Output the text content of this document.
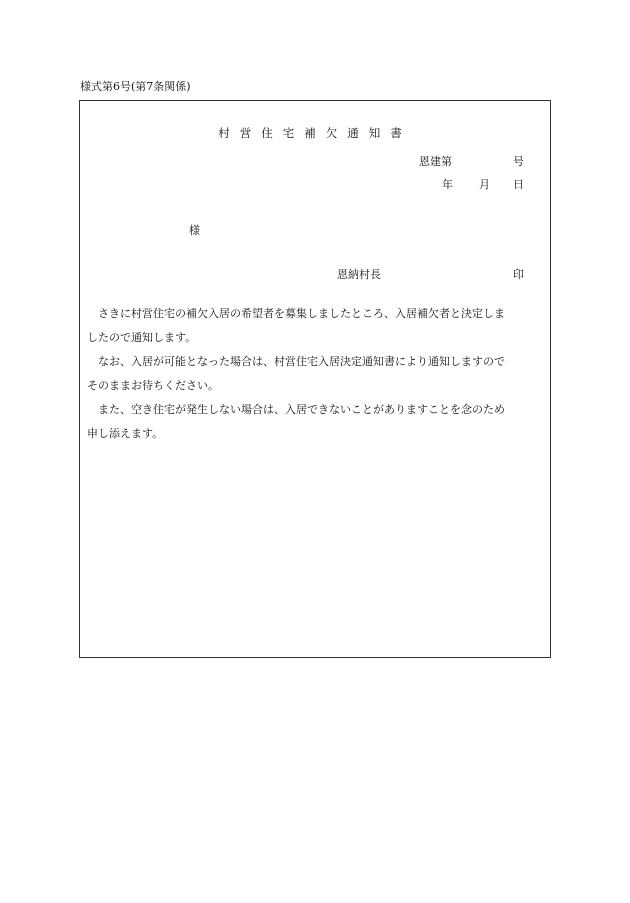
様式第6号(第7条関係)
村営住宅補欠通知書
恩建第	号
年 月 日
様
恩納村長	印

　さきに村営住宅の補欠入居の希望者を募集しましたところ、入居補欠者と決定しま

したので通知します。

　なお、入居が可能となった場合は、村営住宅入居決定通知書により通知しますので

そのままお待ちください。

　また、空き住宅が発生しない場合は、入居できないことがありますことを念のため

申し添えます。
